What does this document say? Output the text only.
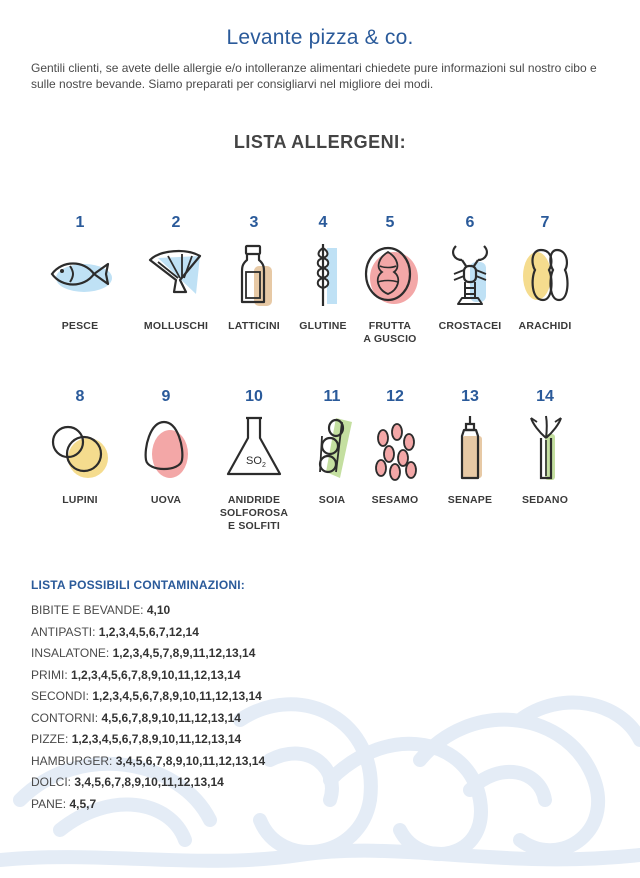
Levante pizza & co.
Gentili clienti, se avete delle allergie e/o intolleranze alimentari chiedete pure informazioni sul nostro cibo e sulle nostre bevande. Siamo preparati per consigliarvi nel migliore dei modi.
LISTA ALLERGENI:
1
PESCE

2
MOLLUSCHI

3
LATTICINI

4
GLUTINE

5
FRUTTA
A GUSCIO
6
CROSTACEI

7
ARACHIDI

8
LUPINI

9
UOVA

10
SO 2
ANIDRIDE
SOLFOROSA
E SOLFITI
11
SOIA

12
SESAMO

13
SENAPE

14
SEDANO

LISTA POSSIBILI CONTAMINAZIONI:
BIBITE E BEVANDE: 4,10
ANTIPASTI: 1,2,3,4,5,6,7,12,14
INSALATONE: 1,2,3,4,5,7,8,9,11,12,13,14
PRIMI: 1,2,3,4,5,6,7,8,9,10,11,12,13,14
SECONDI: 1,2,3,4,5,6,7,8,9,10,11,12,13,14
CONTORNI: 4,5,6,7,8,9,10,11,12,13,14
PIZZE: 1,2,3,4,5,6,7,8,9,10,11,12,13,14
HAMBURGER: 3,4,5,6,7,8,9,10,11,12,13,14
DOLCI: 3,4,5,6,7,8,9,10,11,12,13,14
PANE: 4,5,7
